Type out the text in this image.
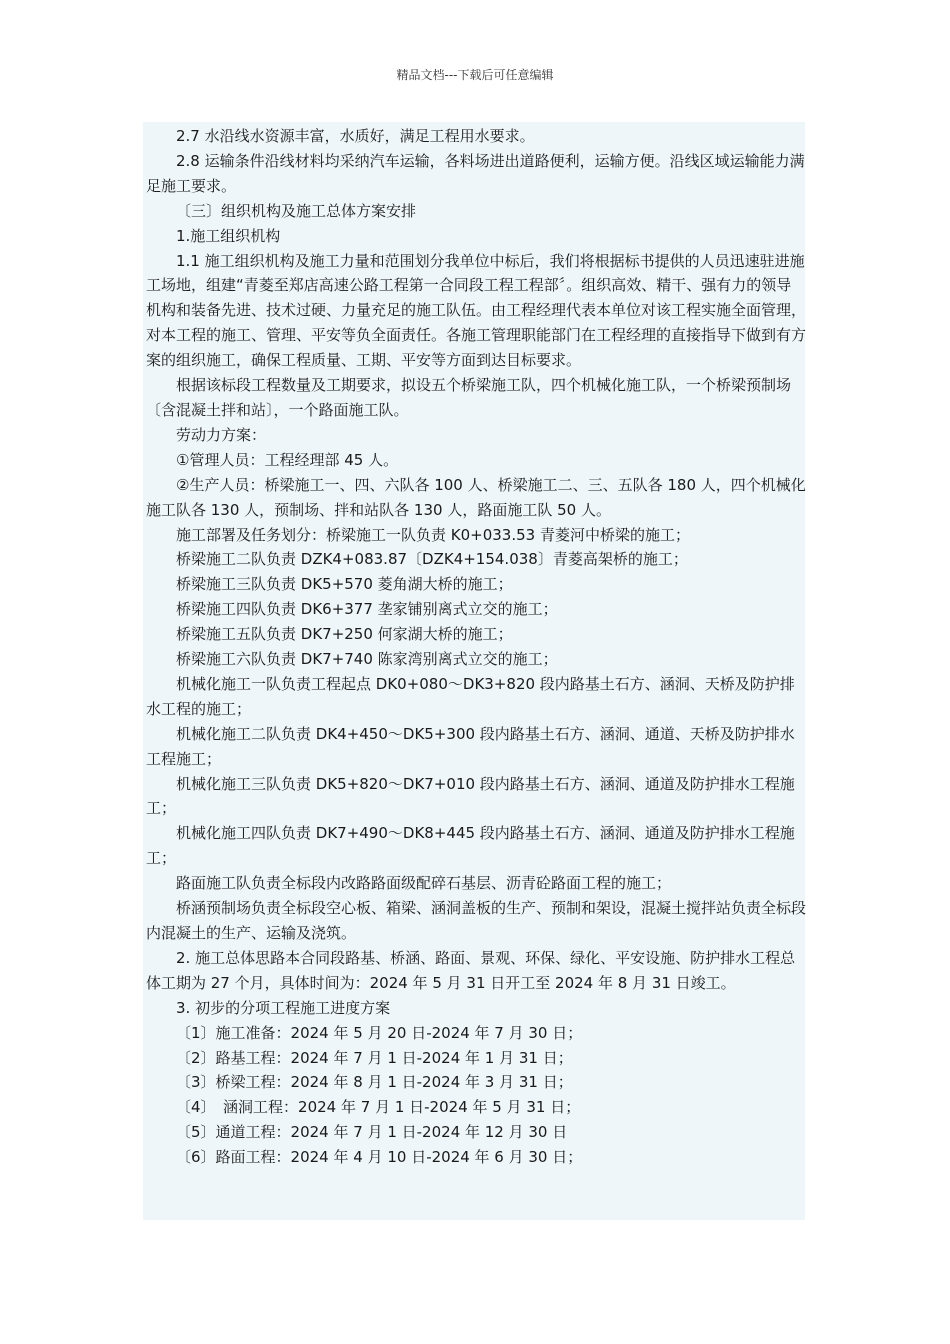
精品文档---下载后可任意编辑

2.7 水沿线水资源丰富，水质好，满足工程用水要求。

2.8 运输条件沿线材料均采纳汽车运输，各料场进出道路便利，运输方便。沿线区域运输能力满足施工要求。

〔三〕组织机构及施工总体方案安排

1.施工组织机构

1.1 施工组织机构及施工力量和范围划分我单位中标后，我们将根据标书提供的人员迅速驻进施工场地，组建“青菱至郑店高速公路工程第一合同段工程工程部〞。组织高效、精干、强有力的领导机构和装备先进、技术过硬、力量充足的施工队伍。由工程经理代表本单位对该工程实施全面管理，对本工程的施工、管理、平安等负全面责任。各施工管理职能部门在工程经理的直接指导下做到有方案的组织施工，确保工程质量、工期、平安等方面到达目标要求。

根据该标段工程数量及工期要求，拟设五个桥梁施工队，四个机械化施工队，一个桥梁预制场〔含混凝土拌和站〕，一个路面施工队。

劳动力方案：

①管理人员：工程经理部 45 人。

②生产人员：桥梁施工一、四、六队各 100 人、桥梁施工二、三、五队各 180 人，四个机械化施工队各 130 人，预制场、拌和站队各 130 人，路面施工队 50 人。

施工部署及任务划分：桥梁施工一队负责 K0+033.53 青菱河中桥梁的施工；

桥梁施工二队负责 DZK4+083.87〔DZK4+154.038〕青菱高架桥的施工；

桥梁施工三队负责 DK5+570 菱角湖大桥的施工；

桥梁施工四队负责 DK6+377 垄家铺别离式立交的施工；

桥梁施工五队负责 DK7+250 何家湖大桥的施工；

桥梁施工六队负责 DK7+740 陈家湾别离式立交的施工；

机械化施工一队负责工程起点 DK0+080～DK3+820 段内路基土石方、涵洞、天桥及防护排水工程的施工；

机械化施工二队负责 DK4+450～DK5+300 段内路基土石方、涵洞、通道、天桥及防护排水工程施工；

机械化施工三队负责 DK5+820～DK7+010 段内路基土石方、涵洞、通道及防护排水工程施工；

机械化施工四队负责 DK7+490～DK8+445 段内路基土石方、涵洞、通道及防护排水工程施工；

路面施工队负责全标段内改路路面级配碎石基层、沥青砼路面工程的施工；

桥涵预制场负责全标段空心板、箱梁、涵洞盖板的生产、预制和架设，混凝土搅拌站负责全标段内混凝土的生产、运输及浇筑。

2. 施工总体思路本合同段路基、桥涵、路面、景观、环保、绿化、平安设施、防护排水工程总体工期为 27 个月，具体时间为：2024 年 5 月 31 日开工至 2024 年 8 月 31 日竣工。

3. 初步的分项工程施工进度方案

〔1〕施工准备：2024 年 5 月 20 日-2024 年 7 月 30 日；

〔2〕路基工程：2024 年 7 月 1 日-2024 年 1 月 31 日；

〔3〕桥梁工程：2024 年 8 月 1 日-2024 年 3 月 31 日；

〔4〕　涵洞工程：2024 年 7 月 1 日-2024 年 5 月 31 日；

〔5〕通道工程：2024 年 7 月 1 日-2024 年 12 月 30 日

〔6〕路面工程：2024 年 4 月 10 日-2024 年 6 月 30 日；
